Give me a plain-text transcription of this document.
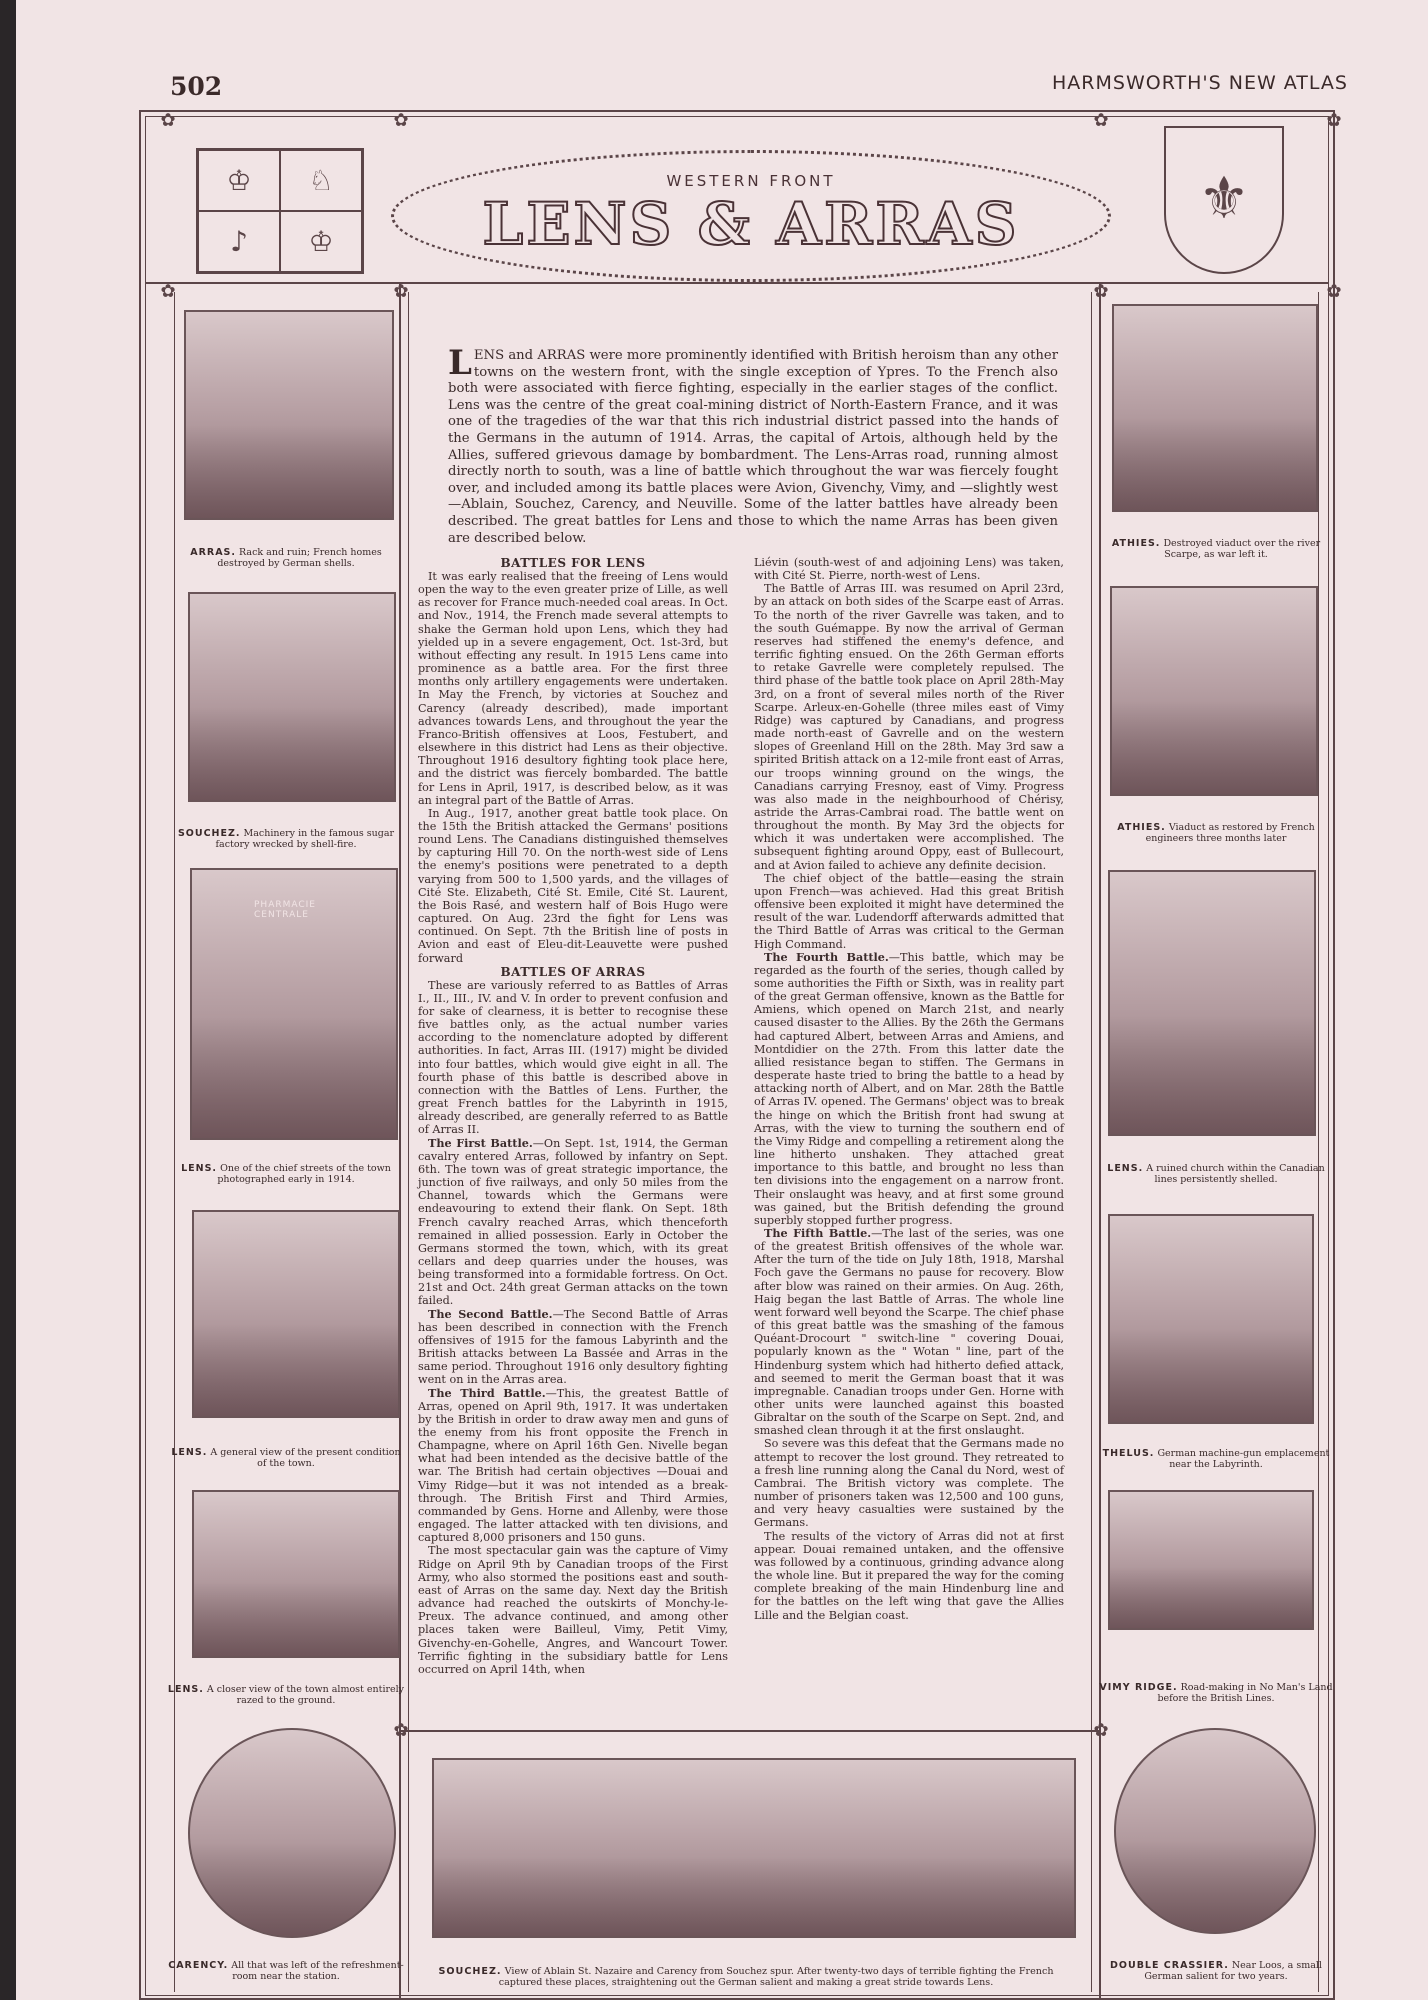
502	HARMSWORTH'S NEW ATLAS
✿	✿	✿	✿
✿	✿	✿	✿
✿	✿
♔	♘
♪	♔
⚜
WESTERN FRONT
LENS & ARRAS
ARRAS. Rack and ruin; French homes destroyed by German shells.
SOUCHEZ. Machinery in the famous sugar factory wrecked by shell-fire.
PHARMACIE CENTRALE
LENS. One of the chief streets of the town photographed early in 1914.
LENS. A general view of the present condition of the town.
LENS. A closer view of the town almost entirely razed to the ground.
ATHIES. Destroyed viaduct over the river Scarpe, as war left it.
ATHIES. Viaduct as restored by French engineers three months later
LENS. A ruined church within the Canadian lines persistently shelled.
THELUS. German machine-gun emplacement near the Labyrinth.
VIMY RIDGE. Road-making in No Man's Land before the British Lines.
CARENCY. All that was left of the refreshment-room near the station.	SOUCHEZ. View of Ablain St. Nazaire and Carency from Souchez spur. After twenty-two days of terrible fighting the French captured these places, straightening out the German salient and making a great stride towards Lens.
DOUBLE CRASSIER. Near Loos, a small German salient for two years.
LENS and ARRAS were more prominently identified with British heroism than any other towns on the western front, with the single exception of Ypres. To the French also both were associated with fierce fighting, especially in the earlier stages of the conflict. Lens was the centre of the great coal-mining district of North-Eastern France, and it was one of the tragedies of the war that this rich industrial district passed into the hands of the Germans in the autumn of 1914. Arras, the capital of Artois, although held by the Allies, suffered grievous damage by bombardment. The Lens-Arras road, running almost directly north to south, was a line of battle which throughout the war was fiercely fought over, and included among its battle places were Avion, Givenchy, Vimy, and —slightly west—Ablain, Souchez, Carency, and Neuville. Some of the latter battles have already been described. The great battles for Lens and those to which the name Arras has been given are described below.
BATTLES FOR LENS

It was early realised that the freeing of Lens would open the way to the even greater prize of Lille, as well as recover for France much-needed coal areas. In Oct. and Nov., 1914, the French made several attempts to shake the German hold upon Lens, which they had yielded up in a severe engagement, Oct. 1st-3rd, but without effecting any result. In 1915 Lens came into prominence as a battle area. For the first three months only artillery engagements were undertaken. In May the French, by victories at Souchez and Carency (already described), made important advances towards Lens, and throughout the year the Franco-British offensives at Loos, Festubert, and elsewhere in this district had Lens as their objective. Throughout 1916 desultory fighting took place here, and the district was fiercely bombarded. The battle for Lens in April, 1917, is described below, as it was an integral part of the Battle of Arras.

In Aug., 1917, another great battle took place. On the 15th the British attacked the Germans' positions round Lens. The Canadians distinguished themselves by capturing Hill 70. On the north-west side of Lens the enemy's positions were penetrated to a depth varying from 500 to 1,500 yards, and the villages of Cité Ste. Elizabeth, Cité St. Emile, Cité St. Laurent, the Bois Rasé, and western half of Bois Hugo were captured. On Aug. 23rd the fight for Lens was continued. On Sept. 7th the British line of posts in Avion and east of Eleu-dit-Leauvette were pushed forward

BATTLES OF ARRAS

These are variously referred to as Battles of Arras I., II., III., IV. and V. In order to prevent confusion and for sake of clearness, it is better to recognise these five battles only, as the actual number varies according to the nomenclature adopted by different authorities. In fact, Arras III. (1917) might be divided into four battles, which would give eight in all. The fourth phase of this battle is described above in connection with the Battles of Lens. Further, the great French battles for the Labyrinth in 1915, already described, are generally referred to as Battle of Arras II.

The First Battle.—On Sept. 1st, 1914, the German cavalry entered Arras, followed by infantry on Sept. 6th. The town was of great strategic importance, the junction of five railways, and only 50 miles from the Channel, towards which the Germans were endeavouring to extend their flank. On Sept. 18th French cavalry reached Arras, which thenceforth remained in allied possession. Early in October the Germans stormed the town, which, with its great cellars and deep quarries under the houses, was being transformed into a formidable fortress. On Oct. 21st and Oct. 24th great German attacks on the town failed.

The Second Battle.—The Second Battle of Arras has been described in connection with the French offensives of 1915 for the famous Labyrinth and the British attacks between La Bassée and Arras in the same period. Throughout 1916 only desultory fighting went on in the Arras area.

The Third Battle.—This, the greatest Battle of Arras, opened on April 9th, 1917. It was undertaken by the British in order to draw away men and guns of the enemy from his front opposite the French in Champagne, where on April 16th Gen. Nivelle began what had been intended as the decisive battle of the war. The British had certain objectives —Douai and Vimy Ridge—but it was not intended as a break-through. The British First and Third Armies, commanded by Gens. Horne and Allenby, were those engaged. The latter attacked with ten divisions, and captured 8,000 prisoners and 150 guns.

The most spectacular gain was the capture of Vimy Ridge on April 9th by Canadian troops of the First Army, who also stormed the positions east and south-east of Arras on the same day. Next day the British advance had reached the outskirts of Monchy-le-Preux. The advance continued, and among other places taken were Bailleul, Vimy, Petit Vimy, Givenchy-en-Gohelle, Angres, and Wancourt Tower. Terrific fighting in the subsidiary battle for Lens occurred on April 14th, when

Liévin (south-west of and adjoining Lens) was taken, with Cité St. Pierre, north-west of Lens.

The Battle of Arras III. was resumed on April 23rd, by an attack on both sides of the Scarpe east of Arras. To the north of the river Gavrelle was taken, and to the south Guémappe. By now the arrival of German reserves had stiffened the enemy's defence, and terrific fighting ensued. On the 26th German efforts to retake Gavrelle were completely repulsed. The third phase of the battle took place on April 28th-May 3rd, on a front of several miles north of the River Scarpe. Arleux-en-Gohelle (three miles east of Vimy Ridge) was captured by Canadians, and progress made north-east of Gavrelle and on the western slopes of Greenland Hill on the 28th. May 3rd saw a spirited British attack on a 12-mile front east of Arras, our troops winning ground on the wings, the Canadians carrying Fresnoy, east of Vimy. Progress was also made in the neighbourhood of Chérisy, astride the Arras-Cambrai road. The battle went on throughout the month. By May 3rd the objects for which it was undertaken were accomplished. The subsequent fighting around Oppy, east of Bullecourt, and at Avion failed to achieve any definite decision.

The chief object of the battle—easing the strain upon French—was achieved. Had this great British offensive been exploited it might have determined the result of the war. Ludendorff afterwards admitted that the Third Battle of Arras was critical to the German High Command.

The Fourth Battle.—This battle, which may be regarded as the fourth of the series, though called by some authorities the Fifth or Sixth, was in reality part of the great German offensive, known as the Battle for Amiens, which opened on March 21st, and nearly caused disaster to the Allies. By the 26th the Germans had captured Albert, between Arras and Amiens, and Montdidier on the 27th. From this latter date the allied resistance began to stiffen. The Germans in desperate haste tried to bring the battle to a head by attacking north of Albert, and on Mar. 28th the Battle of Arras IV. opened. The Germans' object was to break the hinge on which the British front had swung at Arras, with the view to turning the southern end of the Vimy Ridge and compelling a retirement along the line hitherto unshaken. They attached great importance to this battle, and brought no less than ten divisions into the engagement on a narrow front. Their onslaught was heavy, and at first some ground was gained, but the British defending the ground superbly stopped further progress.

The Fifth Battle.—The last of the series, was one of the greatest British offensives of the whole war. After the turn of the tide on July 18th, 1918, Marshal Foch gave the Germans no pause for recovery. Blow after blow was rained on their armies. On Aug. 26th, Haig began the last Battle of Arras. The whole line went forward well beyond the Scarpe. The chief phase of this great battle was the smashing of the famous Quéant-Drocourt " switch-line " covering Douai, popularly known as the " Wotan " line, part of the Hindenburg system which had hitherto defied attack, and seemed to merit the German boast that it was impregnable. Canadian troops under Gen. Horne with other units were launched against this boasted Gibraltar on the south of the Scarpe on Sept. 2nd, and smashed clean through it at the first onslaught.

So severe was this defeat that the Germans made no attempt to recover the lost ground. They retreated to a fresh line running along the Canal du Nord, west of Cambrai. The British victory was complete. The number of prisoners taken was 12,500 and 100 guns, and very heavy casualties were sustained by the Germans.

The results of the victory of Arras did not at first appear. Douai remained untaken, and the offensive was followed by a continuous, grinding advance along the whole line. But it prepared the way for the coming complete breaking of the main Hindenburg line and for the battles on the left wing that gave the Allies Lille and the Belgian coast.
